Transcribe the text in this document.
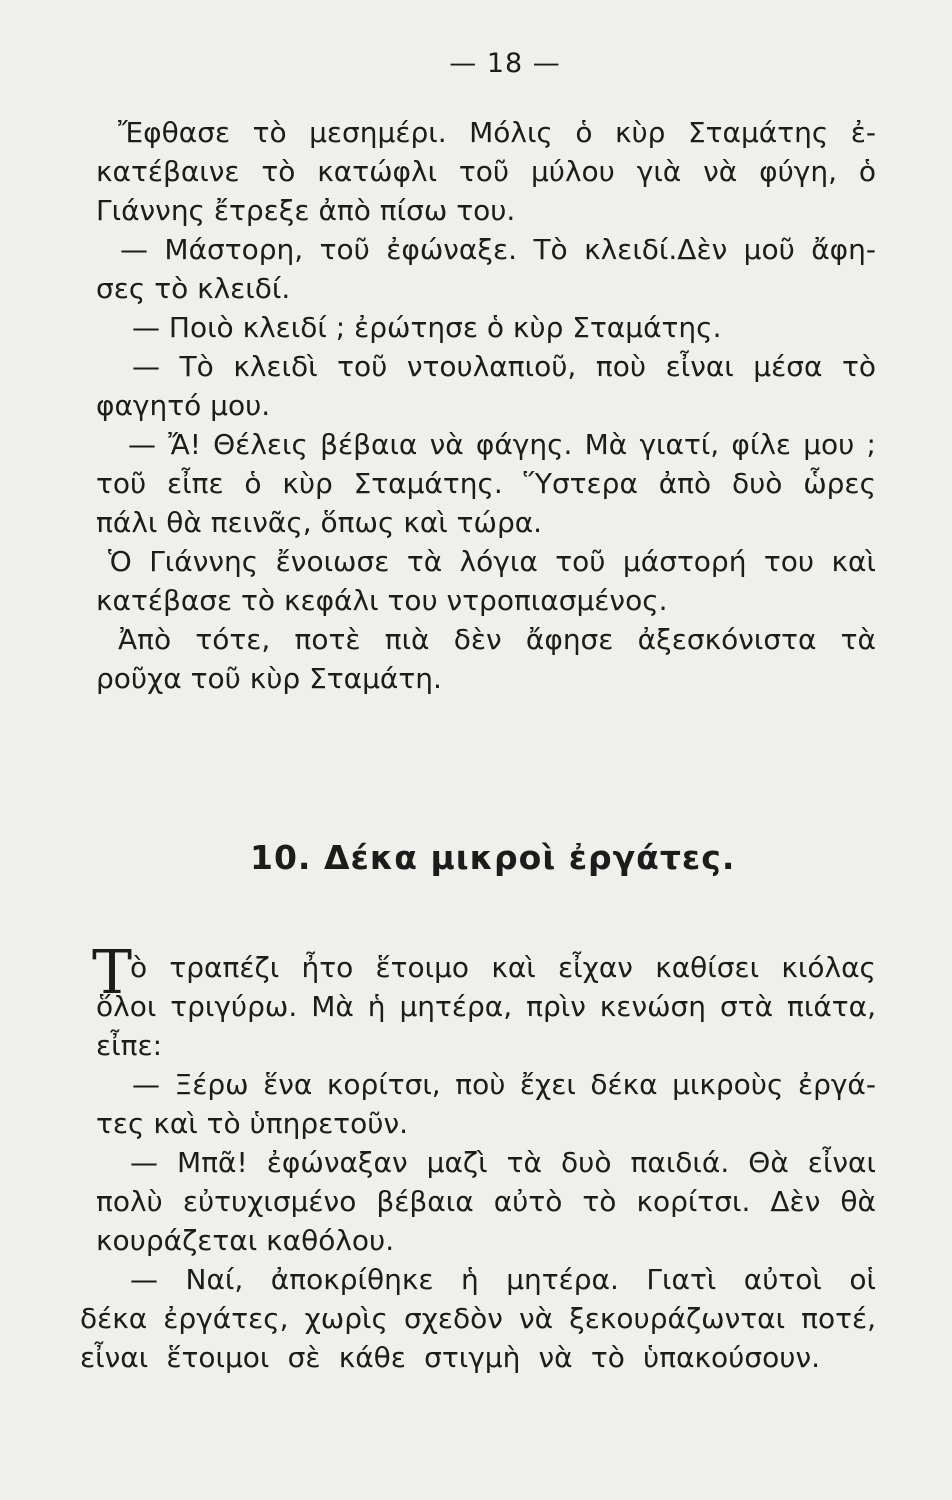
— 18 —
Ἔφθασε τὸ μεσημέρι. Μόλις ὁ κὺρ Σταμάτης ἐ-
κατέβαινε τὸ κατώφλι τοῦ μύλου γιὰ νὰ φύγη, ὁ
Γιάννης ἔτρεξε ἀπὸ πίσω του.
— Μάστορη, τοῦ ἐφώναξε. Τὸ κλειδί.Δὲν μοῦ ἄφη-
σες τὸ κλειδί.
— Ποιὸ κλειδί ; ἐρώτησε ὁ κὺρ Σταμάτης.
— Τὸ κλειδὶ τοῦ ντουλαπιοῦ, ποὺ εἶναι μέσα τὸ
φαγητό μου.
— Ἄ! Θέλεις βέβαια νὰ φάγης. Μὰ γιατί, φίλε μου ;
τοῦ εἶπε ὁ κὺρ Σταμάτης. Ὕστερα ἀπὸ δυὸ ὧρες
πάλι θὰ πεινᾶς, ὅπως καὶ τώρα.
Ὁ Γιάννης ἔνοιωσε τὰ λόγια τοῦ μάστορή του καὶ
κατέβασε τὸ κεφάλι του ντροπιασμένος.
Ἀπὸ τότε, ποτὲ πιὰ δὲν ἄφησε ἀξεσκόνιστα τὰ
ροῦχα τοῦ κὺρ Σταμάτη.
10. Δέκα μικροὶ ἐργάτες.
Τ
ὸ τραπέζι ἦτο ἕτοιμο καὶ εἶχαν καθίσει κιόλας
ὅλοι τριγύρω. Μὰ ἡ μητέρα, πρὶν κενώση στὰ πιάτα,
εἶπε:
— Ξέρω ἕνα κορίτσι, ποὺ ἔχει δέκα μικροὺς ἐργά-
τες καὶ τὸ ὑπηρετοῦν.
— Μπᾶ! ἐφώναξαν μαζὶ τὰ δυὸ παιδιά. Θὰ εἶναι
πολὺ εὐτυχισμένο βέβαια αὐτὸ τὸ κορίτσι. Δὲν θὰ
κουράζεται καθόλου.
— Ναί, ἀποκρίθηκε ἡ μητέρα. Γιατὶ αὐτοὶ οἱ
δέκα ἐργάτες, χωρὶς σχεδὸν νὰ ξεκουράζωνται ποτέ,
εἶναι ἕτοιμοι σὲ κάθε στιγμὴ νὰ τὸ ὑπακούσουν.
